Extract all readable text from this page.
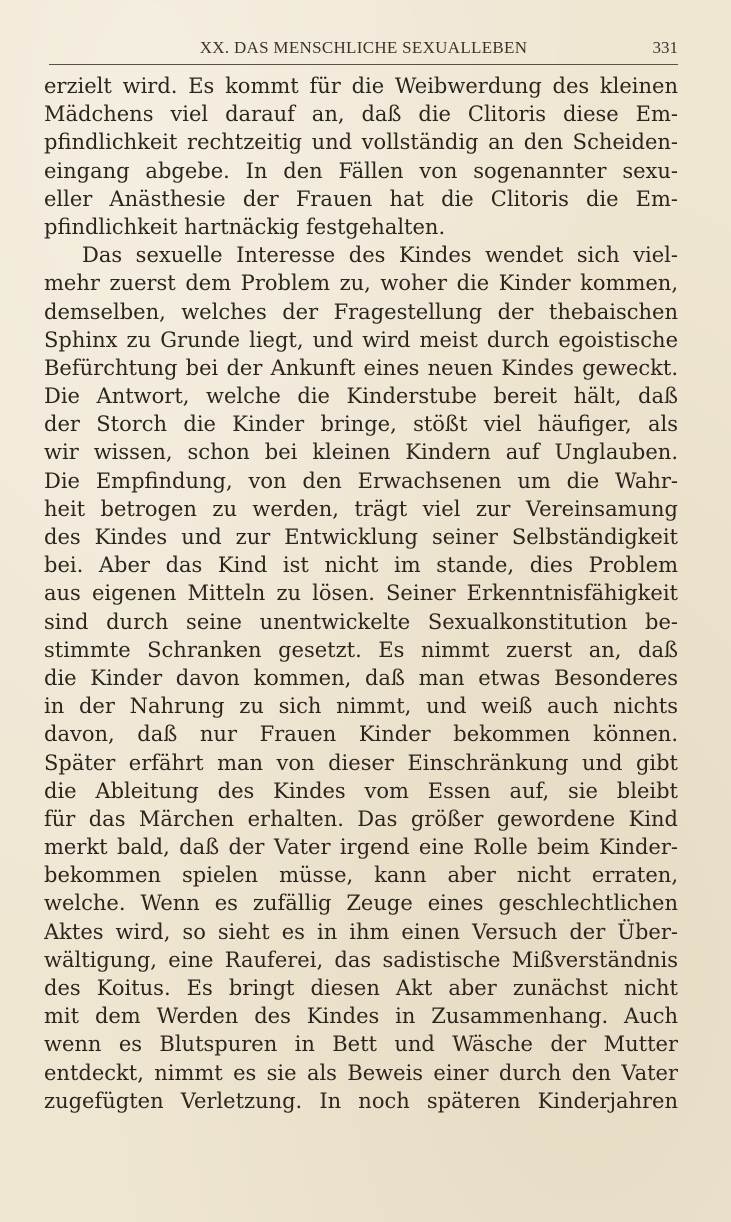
XX. DAS MENSCHLICHE SEXUALLEBEN	331
erzielt wird. Es kommt für die Weibwerdung des kleinen
Mädchens viel darauf an, daß die Clitoris diese Em-
pfindlichkeit rechtzeitig und vollständig an den Scheiden-
eingang abgebe. In den Fällen von sogenannter sexu-
eller Anästhesie der Frauen hat die Clitoris die Em-
pfindlichkeit hartnäckig festgehalten.
Das sexuelle Interesse des Kindes wendet sich viel-
mehr zuerst dem Problem zu, woher die Kinder kommen,
demselben, welches der Fragestellung der thebaischen
Sphinx zu Grunde liegt, und wird meist durch egoistische
Befürchtung bei der Ankunft eines neuen Kindes geweckt.
Die Antwort, welche die Kinderstube bereit hält, daß
der Storch die Kinder bringe, stößt viel häufiger, als
wir wissen, schon bei kleinen Kindern auf Unglauben.
Die Empfindung, von den Erwachsenen um die Wahr-
heit betrogen zu werden, trägt viel zur Vereinsamung
des Kindes und zur Entwicklung seiner Selbständigkeit
bei. Aber das Kind ist nicht im stande, dies Problem
aus eigenen Mitteln zu lösen. Seiner Erkenntnisfähigkeit
sind durch seine unentwickelte Sexualkonstitution be-
stimmte Schranken gesetzt. Es nimmt zuerst an, daß
die Kinder davon kommen, daß man etwas Besonderes
in der Nahrung zu sich nimmt, und weiß auch nichts
davon, daß nur Frauen Kinder bekommen können.
Später erfährt man von dieser Einschränkung und gibt
die Ableitung des Kindes vom Essen auf, sie bleibt
für das Märchen erhalten. Das größer gewordene Kind
merkt bald, daß der Vater irgend eine Rolle beim Kinder-
bekommen spielen müsse, kann aber nicht erraten,
welche. Wenn es zufällig Zeuge eines geschlechtlichen
Aktes wird, so sieht es in ihm einen Versuch der Über-
wältigung, eine Rauferei, das sadistische Mißverständnis
des Koitus. Es bringt diesen Akt aber zunächst nicht
mit dem Werden des Kindes in Zusammenhang. Auch
wenn es Blutspuren in Bett und Wäsche der Mutter
entdeckt, nimmt es sie als Beweis einer durch den Vater
zugefügten Verletzung. In noch späteren Kinderjahren
